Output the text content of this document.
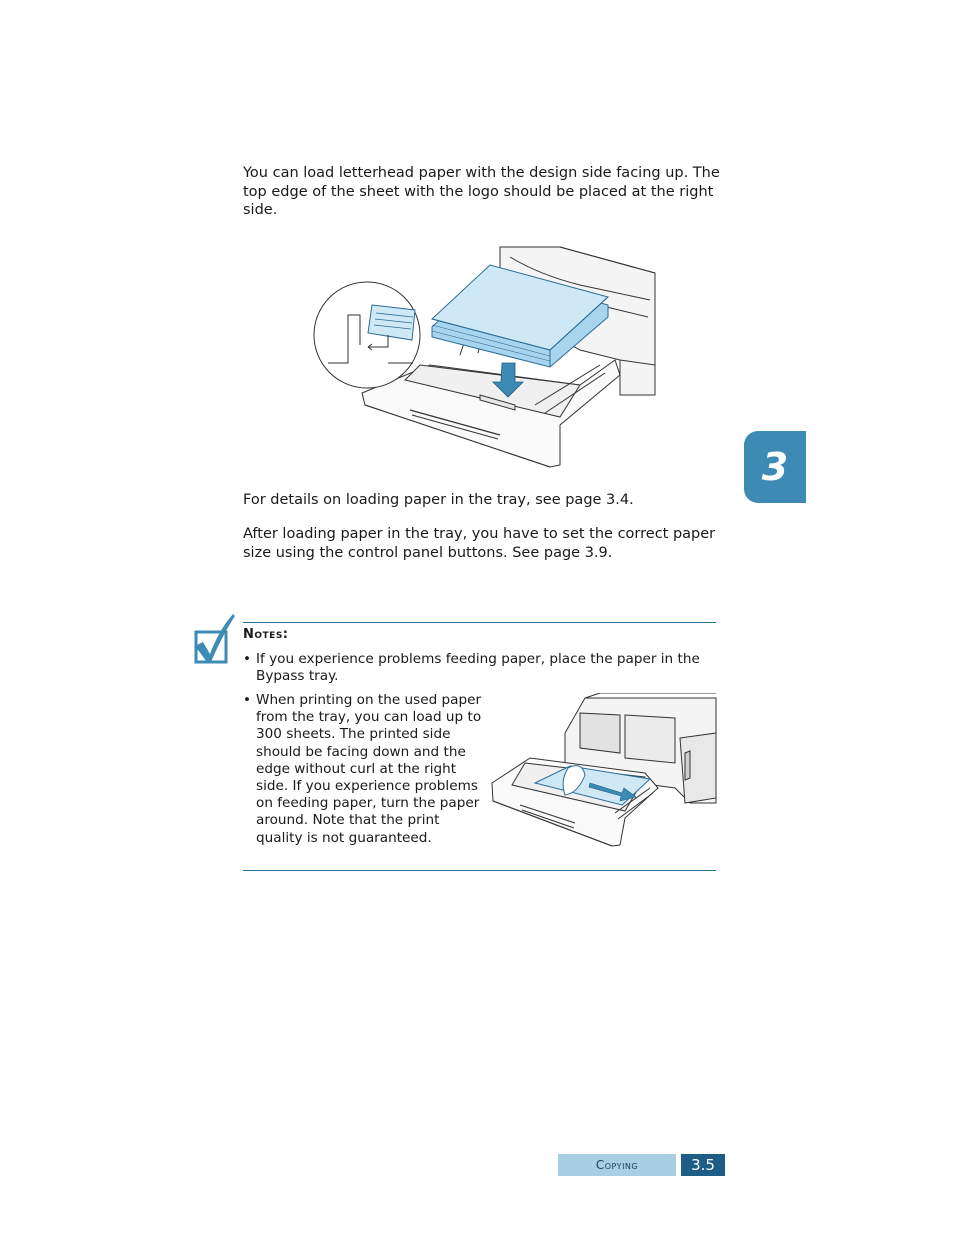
You can load letterhead paper with the design side facing up. The top edge of the sheet with the logo should be placed at the right side.

For details on loading paper in the tray, see page 3.4.

After loading paper in the tray, you have to set the correct paper size using the control panel buttons. See page 3.9.

3
Notes:
• If you experience problems feeding paper, place the paper in the Bypass tray.
• When printing on the used paper from the tray, you can load up to 300 sheets. The printed side should be facing down and the edge without curl at the right side. If you experience problems on feeding paper, turn the paper around. Note that the print quality is not guaranteed.
Copying	3.5
